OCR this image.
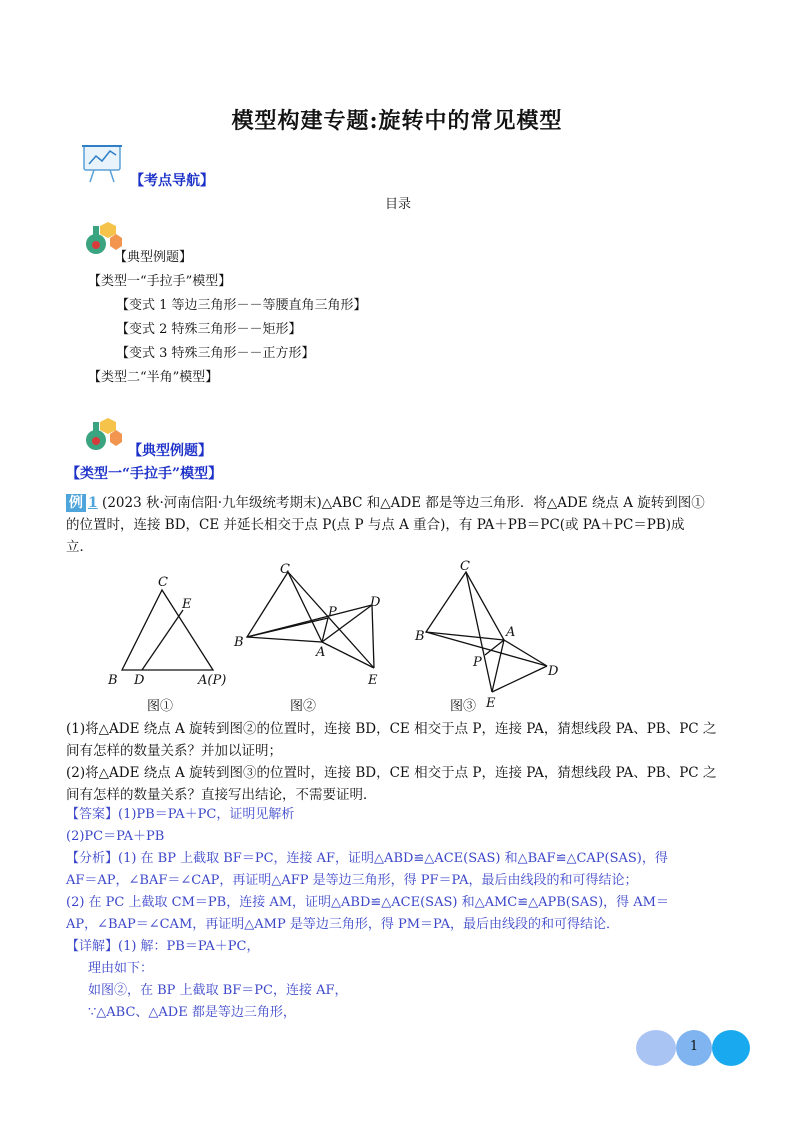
模型构建专题:旋转中的常见模型
【考点导航】
目录
【典型例题】
【类型一“手拉手”模型】
【变式 1 等边三角形－－等腰直角三角形】
【变式 2 特殊三角形－－矩形】
【变式 3 特殊三角形－－正方形】
【类型二“半角”模型】
【典型例题】
【类型一“手拉手”模型】
例 1 (2023 秋·河南信阳·九年级统考期末)△ABC 和△ADE 都是等边三角形．将△ADE 绕点 A 旋转到图①
的位置时，连接 BD，CE 并延长相交于点 P(点 P 与点 A 重合)，有 PA＋PB＝PC(或 PA＋PC＝PB)成
立．
C
E
B D	A(P)
C
D
P
B
A
E
C
B	A
P
D
E
图①	图②	图③
(1)将△ADE 绕点 A 旋转到图②的位置时，连接 BD，CE 相交于点 P，连接 PA，猜想线段 PA、PB、PC 之
间有怎样的数量关系？并加以证明；
(2)将△ADE 绕点 A 旋转到图③的位置时，连接 BD，CE 相交于点 P，连接 PA，猜想线段 PA、PB、PC 之
间有怎样的数量关系？直接写出结论，不需要证明．
【答案】(1)PB＝PA＋PC，证明见解析
(2)PC＝PA＋PB
【分析】(1) 在 BP 上截取 BF＝PC，连接 AF，证明△ABD≌△ACE(SAS) 和△BAF≌△CAP(SAS)，得
AF＝AP，∠BAF＝∠CAP，再证明△AFP 是等边三角形，得 PF＝PA，最后由线段的和可得结论；
(2) 在 PC 上截取 CM＝PB，连接 AM，证明△ABD≌△ACE(SAS) 和△AMC≌△APB(SAS)，得 AM＝
AP，∠BAP＝∠CAM，再证明△AMP 是等边三角形，得 PM＝PA，最后由线段的和可得结论．
【详解】(1) 解：PB＝PA＋PC，
理由如下：
如图②，在 BP 上截取 BF＝PC，连接 AF，
∵△ABC、△ADE 都是等边三角形，
1
